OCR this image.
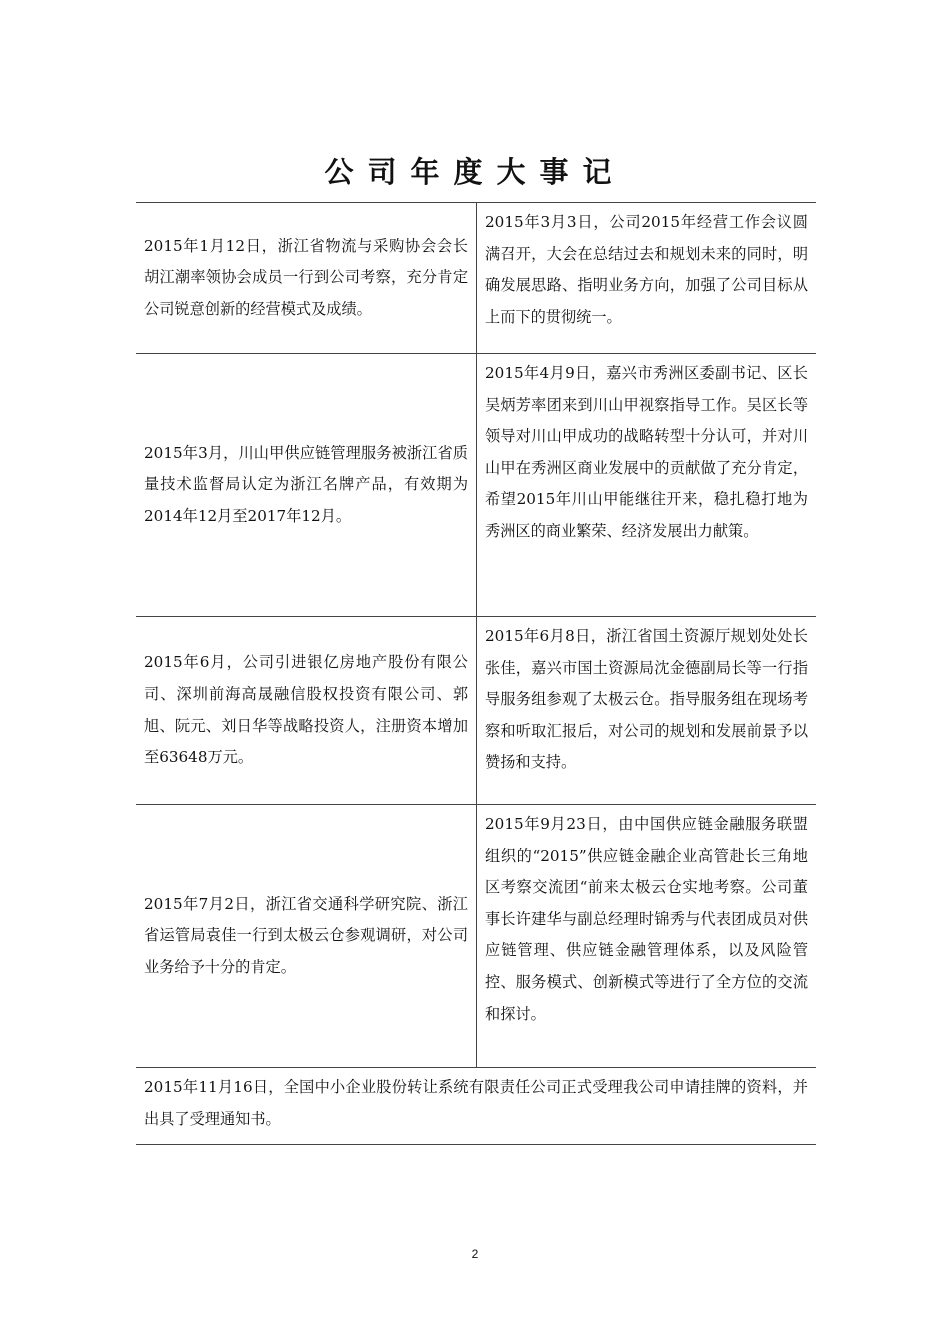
公司年度大事记
2015年1月12日，浙江省物流与采购协会会长胡江潮率领协会成员一行到公司考察，充分肯定公司锐意创新的经营模式及成绩。
2015年3月3日，公司2015年经营工作会议圆满召开，大会在总结过去和规划未来的同时，明确发展思路、指明业务方向，加强了公司目标从上而下的贯彻统一。
2015年3月，川山甲供应链管理服务被浙江省质量技术监督局认定为浙江名牌产品，有效期为2014年12月至2017年12月。
2015年4月9日，嘉兴市秀洲区委副书记、区长吴炳芳率团来到川山甲视察指导工作。吴区长等领导对川山甲成功的战略转型十分认可，并对川山甲在秀洲区商业发展中的贡献做了充分肯定，希望2015年川山甲能继往开来，稳扎稳打地为秀洲区的商业繁荣、经济发展出力献策。
2015年6月，公司引进银亿房地产股份有限公司、深圳前海高晟融信股权投资有限公司、郭旭、阮元、刘日华等战略投资人，注册资本增加至63648万元。
2015年6月8日，浙江省国土资源厅规划处处长张佳，嘉兴市国土资源局沈金德副局长等一行指导服务组参观了太极云仓。指导服务组在现场考察和听取汇报后，对公司的规划和发展前景予以赞扬和支持。
2015年7月2日，浙江省交通科学研究院、浙江省运管局袁佳一行到太极云仓参观调研，对公司业务给予十分的肯定。
2015年9月23日，由中国供应链金融服务联盟组织的“2015”供应链金融企业高管赴长三角地区考察交流团“前来太极云仓实地考察。公司董事长许建华与副总经理时锦秀与代表团成员对供应链管理、供应链金融管理体系，以及风险管控、服务模式、创新模式等进行了全方位的交流和探讨。
2015年11月16日，全国中小企业股份转让系统有限责任公司正式受理我公司申请挂牌的资料，并出具了受理通知书。
2
